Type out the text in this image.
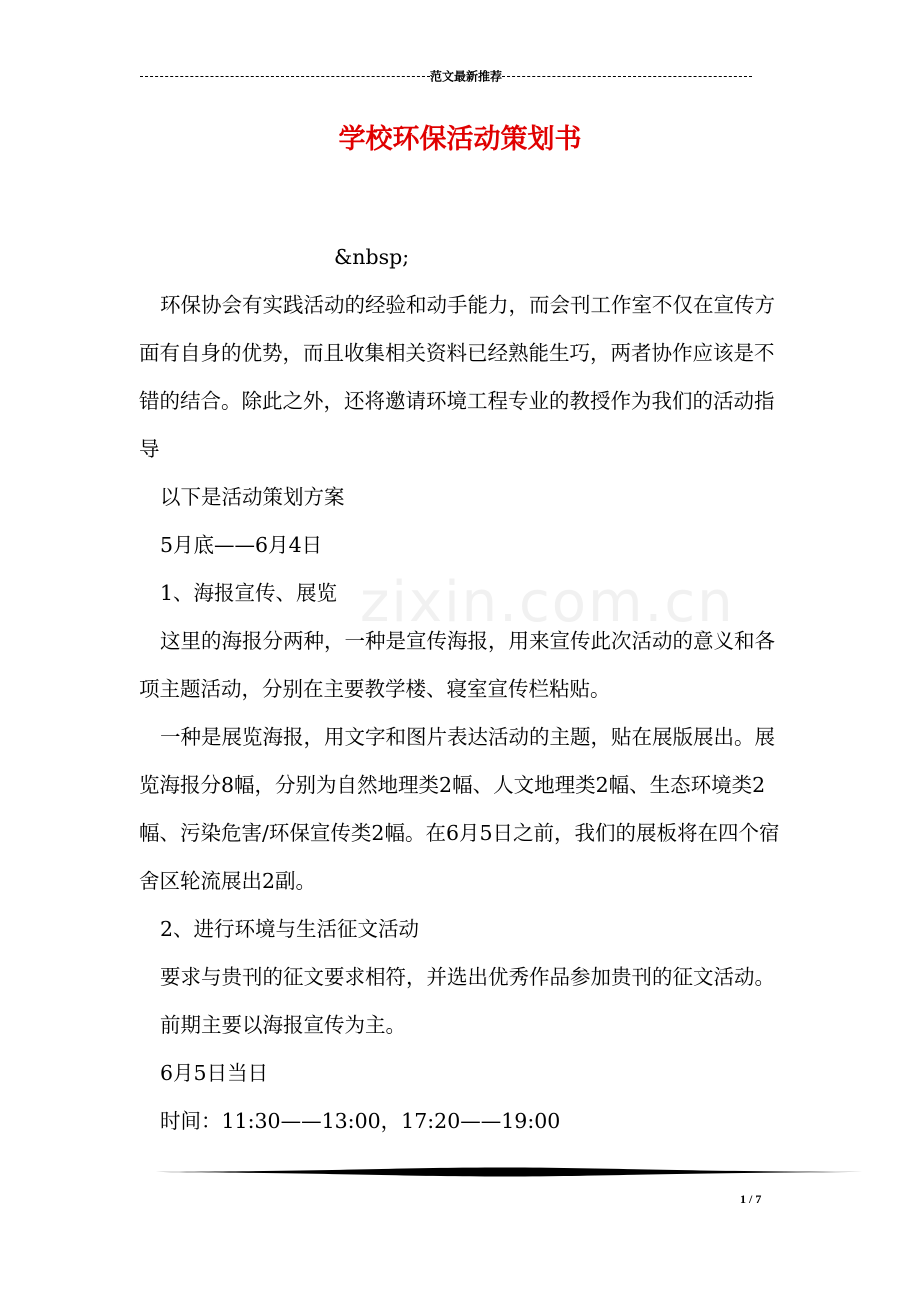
范文最新推荐
学校环保活动策划书
zixin.com.cn

&nbsp;

环保协会有实践活动的经验和动手能力，而会刊工作室不仅在宣传方面有自身的优势，而且收集相关资料已经熟能生巧，两者协作应该是不错的结合。除此之外，还将邀请环境工程专业的教授作为我们的活动指导

以下是活动策划方案

5月底——6月4日

1、海报宣传、展览

这里的海报分两种，一种是宣传海报，用来宣传此次活动的意义和各项主题活动，分别在主要教学楼、寝室宣传栏粘贴。

一种是展览海报，用文字和图片表达活动的主题，贴在展版展出。展览海报分8幅，分别为自然地理类2幅、人文地理类2幅、生态环境类2幅、污染危害/环保宣传类2幅。在6月5日之前，我们的展板将在四个宿舍区轮流展出2副。

2、进行环境与生活征文活动

要求与贵刊的征文要求相符，并选出优秀作品参加贵刊的征文活动。

前期主要以海报宣传为主。

6月5日当日

时间：11:30——13:00，17:20——19:00

1 / 7
